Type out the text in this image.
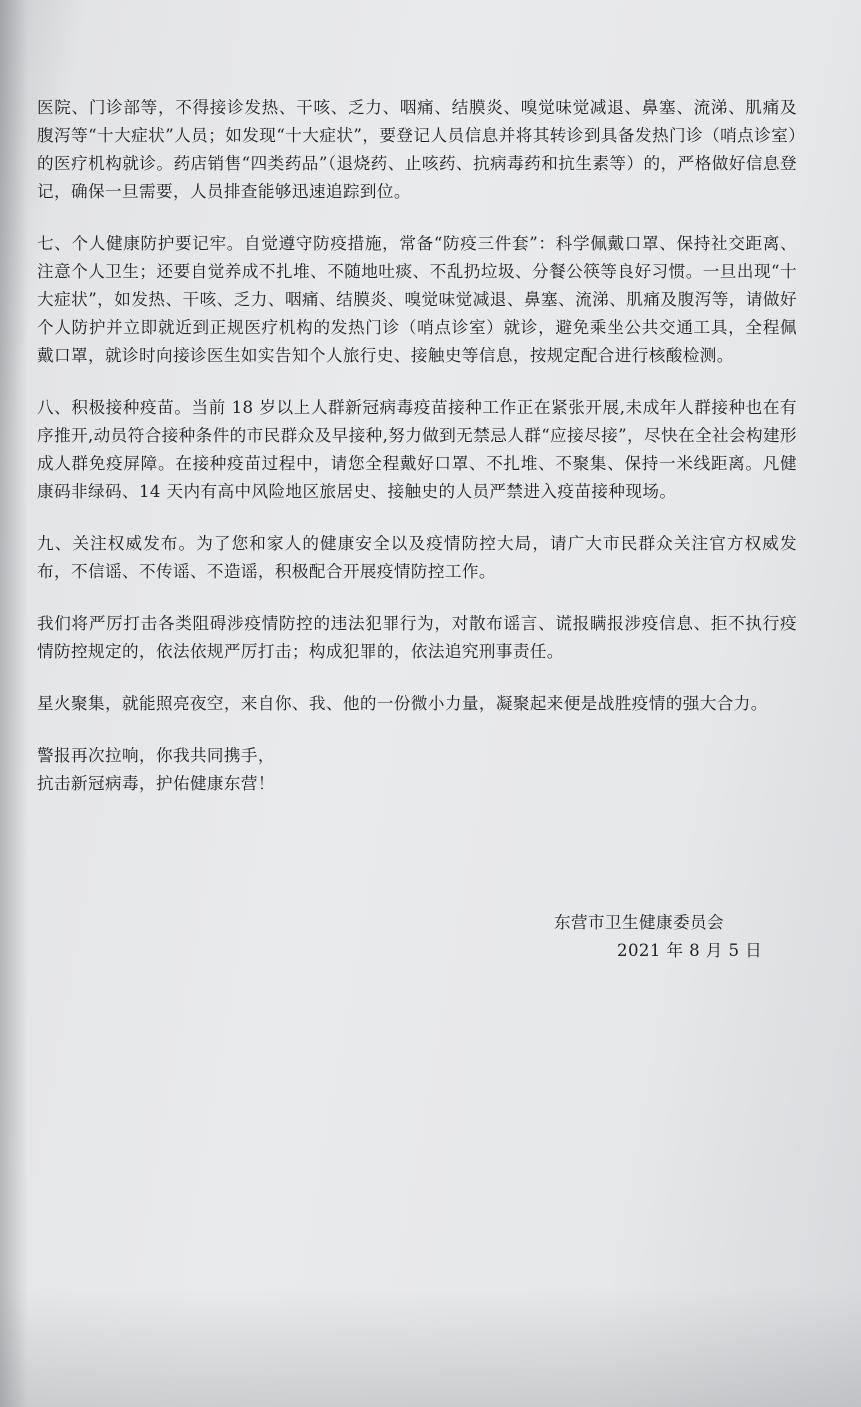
医院、门诊部等，不得接诊发热、干咳、乏力、咽痛、结膜炎、嗅觉味觉减退、鼻塞、流涕、肌痛及腹泻等“十大症状”人员；如发现“十大症状”，要登记人员信息并将其转诊到具备发热门诊（哨点诊室）的医疗机构就诊。药店销售“四类药品”（退烧药、止咳药、抗病毒药和抗生素等）的，严格做好信息登记，确保一旦需要，人员排查能够迅速追踪到位。

七、个人健康防护要记牢。自觉遵守防疫措施，常备“防疫三件套”：科学佩戴口罩、保持社交距离、注意个人卫生；还要自觉养成不扎堆、不随地吐痰、不乱扔垃圾、分餐公筷等良好习惯。一旦出现“十大症状”，如发热、干咳、乏力、咽痛、结膜炎、嗅觉味觉减退、鼻塞、流涕、肌痛及腹泻等，请做好个人防护并立即就近到正规医疗机构的发热门诊（哨点诊室）就诊，避免乘坐公共交通工具，全程佩戴口罩，就诊时向接诊医生如实告知个人旅行史、接触史等信息，按规定配合进行核酸检测。

八、积极接种疫苗。当前 18 岁以上人群新冠病毒疫苗接种工作正在紧张开展,未成年人群接种也在有序推开,动员符合接种条件的市民群众及早接种,努力做到无禁忌人群“应接尽接”，尽快在全社会构建形成人群免疫屏障。在接种疫苗过程中，请您全程戴好口罩、不扎堆、不聚集、保持一米线距离。凡健康码非绿码、14 天内有高中风险地区旅居史、接触史的人员严禁进入疫苗接种现场。

九、关注权威发布。为了您和家人的健康安全以及疫情防控大局，请广大市民群众关注官方权威发布，不信谣、不传谣、不造谣，积极配合开展疫情防控工作。

我们将严厉打击各类阻碍涉疫情防控的违法犯罪行为，对散布谣言、谎报瞒报涉疫信息、拒不执行疫情防控规定的，依法依规严厉打击；构成犯罪的，依法追究刑事责任。

星火聚集，就能照亮夜空，来自你、我、他的一份微小力量，凝聚起来便是战胜疫情的强大合力。

警报再次拉响，你我共同携手，

抗击新冠病毒，护佑健康东营！

东营市卫生健康委员会
2021 年 8 月 5 日
